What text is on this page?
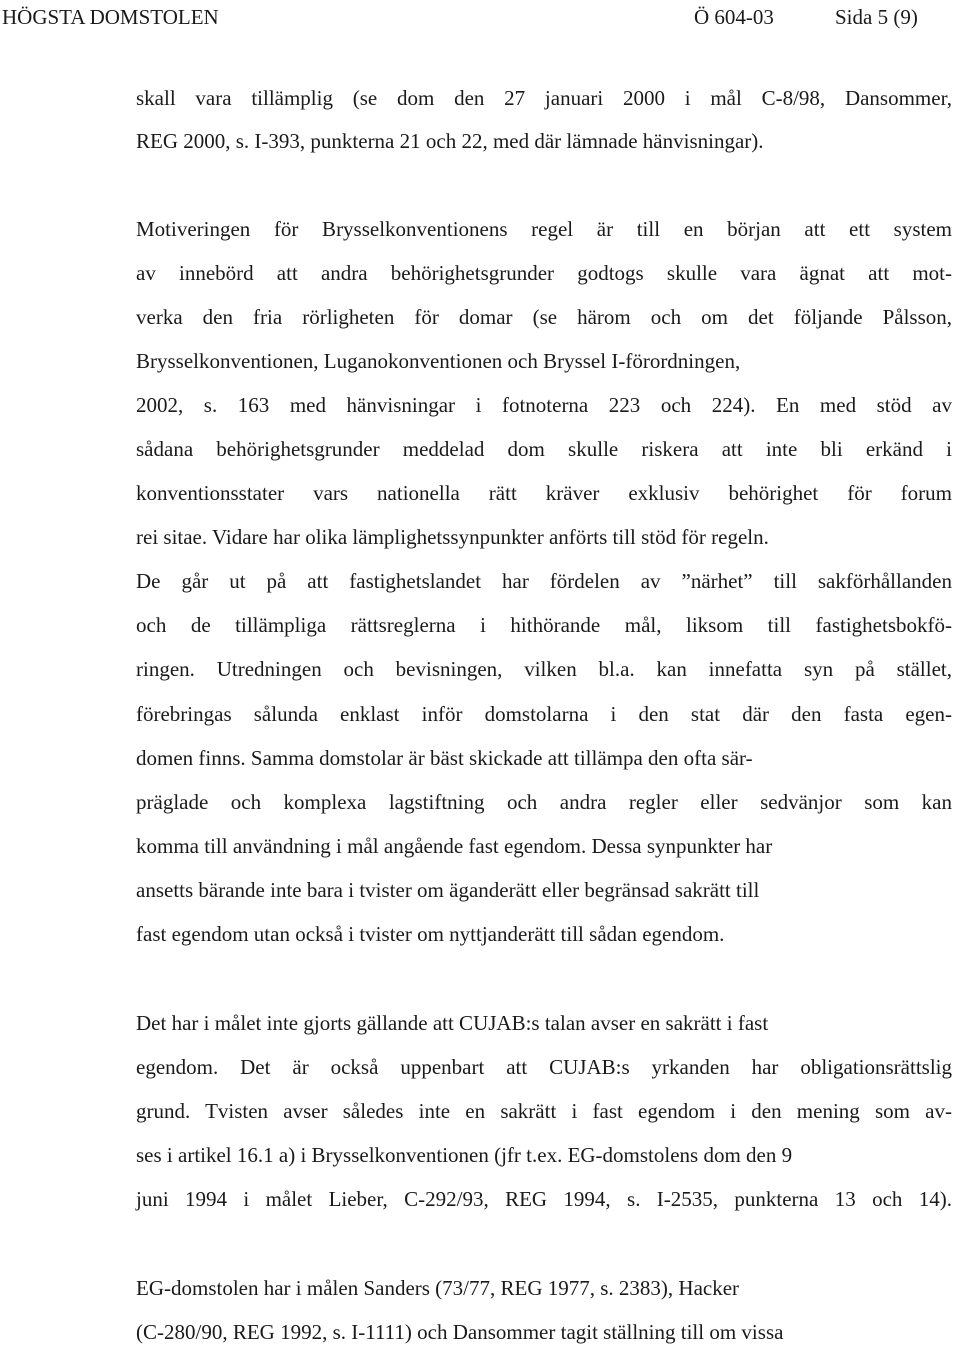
HÖGSTA DOMSTOLEN	Ö 604-03	Sida 5 (9)
skall vara tillämplig (se dom den 27 januari 2000 i mål C-8/98, Dansommer,
REG 2000, s. I-393, punkterna 21 och 22, med där lämnade hänvisningar).
Motiveringen för Brysselkonventionens regel är till en början att ett system
av innebörd att andra behörighetsgrunder godtogs skulle vara ägnat att mot-
verka den fria rörligheten för domar (se härom och om det följande Pålsson,
Brysselkonventionen, Luganokonventionen och Bryssel I-förordningen,
2002, s. 163 med hänvisningar i fotnoterna 223 och 224). En med stöd av
sådana behörighetsgrunder meddelad dom skulle riskera att inte bli erkänd i
konventionsstater vars nationella rätt kräver exklusiv behörighet för forum
rei sitae. Vidare har olika lämplighetssynpunkter anförts till stöd för regeln.
De går ut på att fastighetslandet har fördelen av ”närhet” till sakförhållanden
och de tillämpliga rättsreglerna i hithörande mål, liksom till fastighetsbokfö-
ringen. Utredningen och bevisningen, vilken bl.a. kan innefatta syn på stället,
förebringas sålunda enklast inför domstolarna i den stat där den fasta egen-
domen finns. Samma domstolar är bäst skickade att tillämpa den ofta sär-
präglade och komplexa lagstiftning och andra regler eller sedvänjor som kan
komma till användning i mål angående fast egendom. Dessa synpunkter har
ansetts bärande inte bara i tvister om äganderätt eller begränsad sakrätt till
fast egendom utan också i tvister om nyttjanderätt till sådan egendom.
Det har i målet inte gjorts gällande att CUJAB:s talan avser en sakrätt i fast
egendom. Det är också uppenbart att CUJAB:s yrkanden har obligationsrättslig
grund. Tvisten avser således inte en sakrätt i fast egendom i den mening som av-
ses i artikel 16.1 a) i Brysselkonventionen (jfr t.ex. EG-domstolens dom den 9
juni 1994 i målet Lieber, C-292/93, REG 1994, s. I-2535, punkterna 13 och 14).
EG-domstolen har i målen Sanders (73/77, REG 1977, s. 2383), Hacker
(C-280/90, REG 1992, s. I-1111) och Dansommer tagit ställning till om vissa
